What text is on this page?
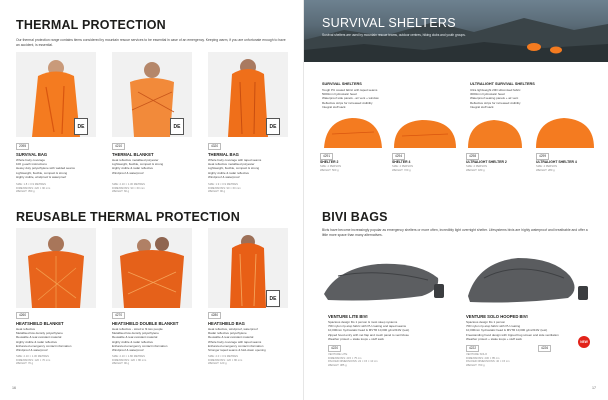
THERMAL PROTECTION
Our thermal protection range contains items considered by mountain rescue services to be essential in case of an emergency. Keeping warm, if you are unfortunate enough to have an accident, is essential.
DE	DE	DE
2095
SURVIVAL BAG
Whole body coverage
100 g each instructions
Heavy duty polyethylene with welded seams
Lightweight, flexible, compact & strong
Highly visible, windproof & waterproof
SIZE: 1.8 × 0.9 METRES
DIMENSIONS: 220 × 90 mm
WEIGHT: 350 g
4210
THERMAL BLANKET
Heat reflective metallised polyester
Lightweight, flexible, compact & strong
Highly visible & radar reflective
Windproof & waterproof
SIZE: 2.10 × 1.30 METRES
DIMENSIONS: 90 × 60 mm
WEIGHT: 60 g
4320
THERMAL BAG
Whole body coverage with taped seams
Heat reflective metallised polyester
Lightweight, flexible, compact & strong
Highly visible & radar reflective
Windproof & waterproof
SIZE: 1.9 × 0.9 METRES
DIMENSIONS: 90 × 60 mm
WEIGHT: 90 g
REUSABLE THERMAL PROTECTION
DE
4260
HEATSHIELD BLANKET
Heat reflective
Metallised low density polyethylene
Reusable & tear-resistant material
Highly visible & radar reflective
Enhanced emergency contact information
Windproof & waterproof
SIZE: 2.10 × 1.30 METRES
DIMENSIONS: 120 × 70 mm
WEIGHT: 70 g
4270
HEATSHIELD DOUBLE BLANKET
Heat reflective - sized to fit two people
Metallised low density polyethylene
Reusable & tear-resistant material
Highly visible & radar reflective
Enhanced emergency contact information
Windproof & waterproof
SIZE: 2.10 × 1.80 METRES
DIMENSIONS: 120 × 80 mm
WEIGHT: 90 g
4280
HEATSHIELD BAG
Heat reflective, windproof, waterproof
Radar reflective polyethylene
Reusable & tear-resistant material
Whole body coverage with taped seams
Enhanced emergency contact information
Stronger taped seams & fold-down opening
SIZE: 2.0 × 0.9 METRES
DIMENSIONS: 120 × 80 mm
WEIGHT: 120 g
16
SURVIVAL SHELTERS
Survival shelters are used by mountain rescue teams, outdoor centres, hiking clubs and youth groups.
SURVIVAL SHELTERS
Tough PU coated fabric with taped seams
5000mm hydrostatic head
Waterproof side panels - air vent + window
Reflective strips for increased visibility
Integral stuff sack
ULTRALIGHT SURVIVAL SHELTERS
Ultra lightweight 20D siliconised fabric
3000mm hydrostatic head
Waterproof seating panels + air vent
Reflective strips for increased visibility
Integral stuff sack
4291
SHELTER 2
SIZE: 2 PERSON
WEIGHT: 500 g
4294
SHELTER 4
SIZE: 4 PERSON
WEIGHT: 720 g
4298
ULTRALIGHT SHELTER 2
SIZE: 2 PERSON
WEIGHT: 180 g
4299
ULTRALIGHT SHELTER 4
SIZE: 4 PERSON
WEIGHT: 280 g
BIVI BAGS
Bivis have become increasingly popular as emergency shelters or more often, incredibly light overnight shelter. Lifesystems bivis are highly waterproof and breathable and offer a little more space than many alternatives.
VENTURE LITE BIVI
Spacious design fits 1 person & most sleep systems
70D nylon rip-stop fabric with PU coating and taped seams
10,000mm hydrostatic head & MVTR 10,000 g/m2/24hr (test)
Zipped hood entry with net flap and mesh panel to vent/close
Weather protect + stake loops + stuff sack
4220
VENTURE LITE
DIMENSIONS: 215 × 75 cm
PACKED DIMENSIONS: 22 × 15 × 10 cm
WEIGHT: 385 g
VENTURE SOLO HOOPED BIVI
Spacious design fits 1 person
70D nylon rip-stop fabric with PU coating
10,000mm hydrostatic head & MVTR 10,000 g/m2/24hr (test)
Freestanding hood design with zipped bug screen and side ventilation
Weather protect + stake loops + stuff sack
4222	4226
NEW
VENTURE SOLO
DIMENSIONS: 230 × 85 cm
PACKED DIMENSIONS: 40 × 15 cm
WEIGHT: 700 g
17
